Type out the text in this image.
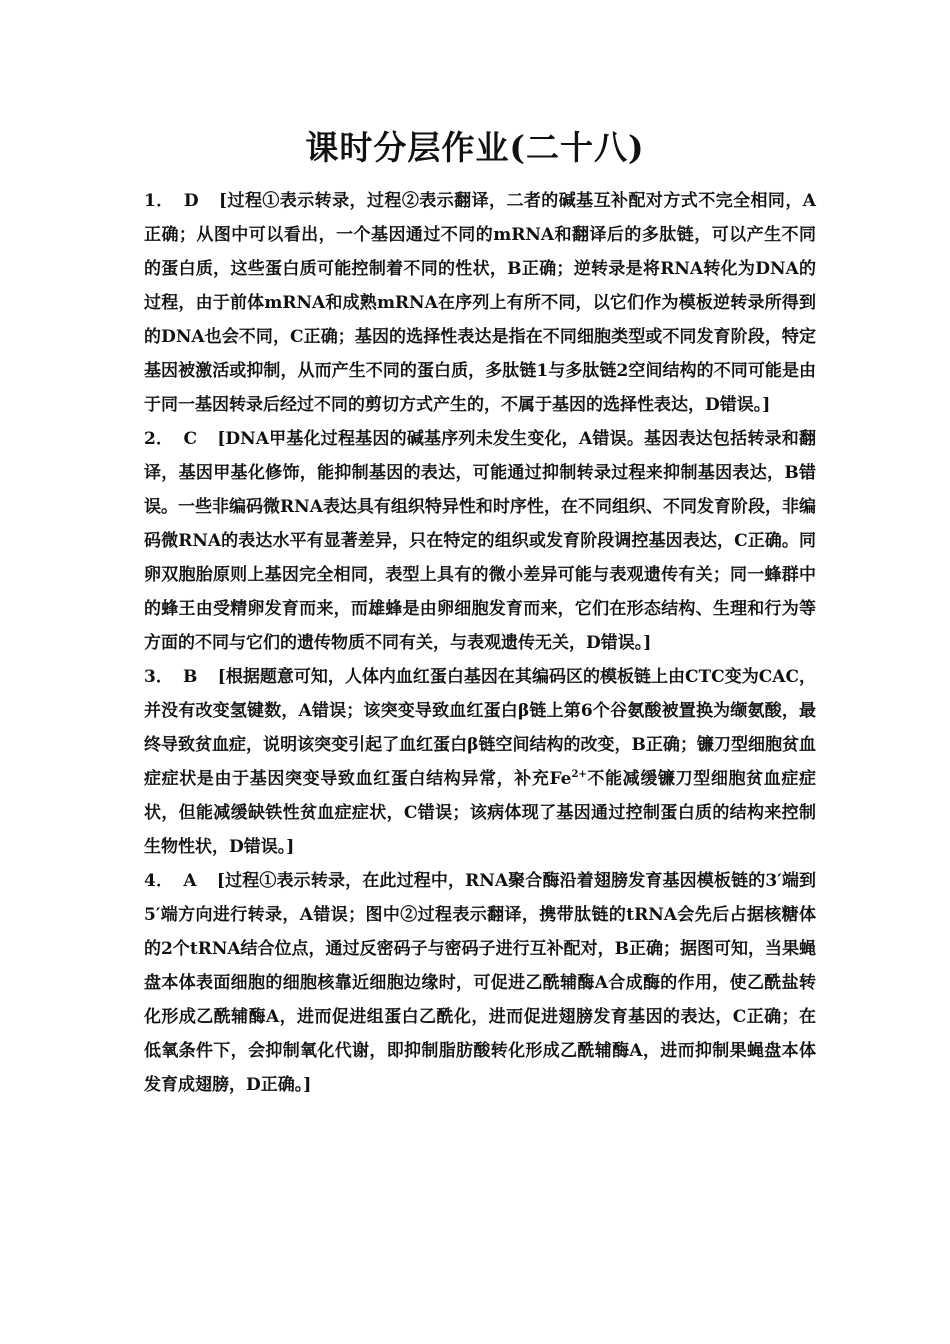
课时分层作业(二十八)

1． D [过程①表示转录，过程②表示翻译，二者的碱基互补配对方式不完全相同，A正确；从图中可以看出，一个基因通过不同的mRNA和翻译后的多肽链，可以产生不同的蛋白质，这些蛋白质可能控制着不同的性状，B正确；逆转录是将RNA转化为DNA的过程，由于前体mRNA和成熟mRNA在序列上有所不同，以它们作为模板逆转录所得到的DNA也会不同，C正确；基因的选择性表达是指在不同细胞类型或不同发育阶段，特定基因被激活或抑制，从而产生不同的蛋白质，多肽链1与多肽链2空间结构的不同可能是由于同一基因转录后经过不同的剪切方式产生的，不属于基因的选择性表达，D错误。]

2． C [DNA甲基化过程基因的碱基序列未发生变化，A错误。基因表达包括转录和翻译，基因甲基化修饰，能抑制基因的表达，可能通过抑制转录过程来抑制基因表达，B错误。一些非编码微RNA表达具有组织特异性和时序性，在不同组织、不同发育阶段，非编码微RNA的表达水平有显著差异，只在特定的组织或发育阶段调控基因表达，C正确。同卵双胞胎原则上基因完全相同，表型上具有的微小差异可能与表观遗传有关；同一蜂群中的蜂王由受精卵发育而来，而雄蜂是由卵细胞发育而来，它们在形态结构、生理和行为等方面的不同与它们的遗传物质不同有关，与表观遗传无关，D错误。]

3． B [根据题意可知，人体内血红蛋白基因在其编码区的模板链上由CTC变为CAC，并没有改变氢键数，A错误；该突变导致血红蛋白β链上第6个谷氨酸被置换为缬氨酸，最终导致贫血症，说明该突变引起了血红蛋白β链空间结构的改变，B正确；镰刀型细胞贫血症症状是由于基因突变导致血红蛋白结构异常，补充$Fe^{2+}$不能减缓镰刀型细胞贫血症症状，但能减缓缺铁性贫血症症状，C错误；该病体现了基因通过控制蛋白质的结构来控制生物性状，D错误。]

4． A [过程①表示转录，在此过程中，RNA聚合酶沿着翅膀发育基因模板链的3′端到5′端方向进行转录，A错误；图中②过程表示翻译，携带肽链的tRNA会先后占据核糖体的2个tRNA结合位点，通过反密码子与密码子进行互补配对，B正确；据图可知，当果蝇盘本体表面细胞的细胞核靠近细胞边缘时，可促进乙酰辅酶A合成酶的作用，使乙酰盐转化形成乙酰辅酶A，进而促进组蛋白乙酰化，进而促进翅膀发育基因的表达，C正确；在低氧条件下，会抑制氧化代谢，即抑制脂肪酸转化形成乙酰辅酶A，进而抑制果蝇盘本体发育成翅膀，D正确。]
